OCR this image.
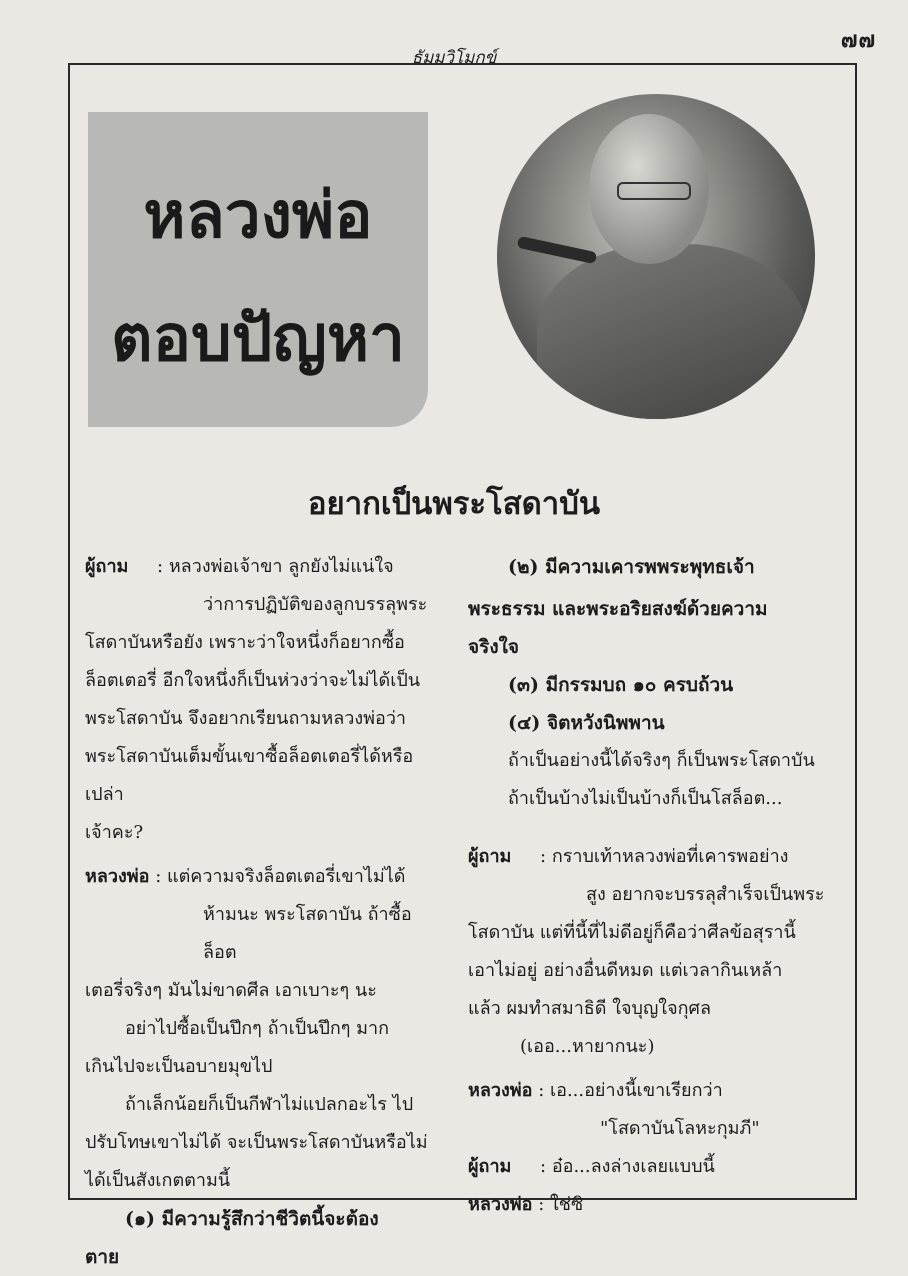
๗๗
ธัมมวิโมกข์

หลวงพ่อ
ตอบปัญหา
อยากเป็นพระโสดาบัน

ผู้ถาม : หลวงพ่อเจ้าขา ลูกยังไม่แน่ใจ

ว่าการปฏิบัติของลูกบรรลุพระ

โสดาบันหรือยัง เพราะว่าใจหนึ่งก็อยากซื้อ

ล็อตเตอรี่ อีกใจหนึ่งก็เป็นห่วงว่าจะไม่ได้เป็น

พระโสดาบัน จึงอยากเรียนถามหลวงพ่อว่า

พระโสดาบันเต็มขั้นเขาซื้อล็อตเตอรี่ได้หรือเปล่า

เจ้าคะ?

หลวงพ่อ : แต่ความจริงล็อตเตอรี่เขาไม่ได้

ห้ามนะ พระโสดาบัน ถ้าซื้อล็อต

เตอรี่จริงๆ มันไม่ขาดศีล เอาเบาะๆ นะ

อย่าไปซื้อเป็นปึกๆ ถ้าเป็นปึกๆ มาก

เกินไปจะเป็นอบายมุขไป

ถ้าเล็กน้อยก็เป็นกีฬาไม่แปลกอะไร ไป

ปรับโทษเขาไม่ได้ จะเป็นพระโสดาบันหรือไม่

ได้เป็นสังเกตตามนี้

(๑) มีความรู้สึกว่าชีวิตนี้จะต้อง

ตาย

(๒) มีความเคารพพระพุทธเจ้า

พระธรรม และพระอริยสงฆ์ด้วยความ

จริงใจ

(๓) มีกรรมบถ ๑๐ ครบถ้วน

(๔) จิตหวังนิพพาน

ถ้าเป็นอย่างนี้ได้จริงๆ ก็เป็นพระโสดาบัน

ถ้าเป็นบ้างไม่เป็นบ้างก็เป็นโสล็อต...

ผู้ถาม : กราบเท้าหลวงพ่อที่เคารพอย่าง

สูง อยากจะบรรลุสำเร็จเป็นพระ

โสดาบัน แต่ที่นี้ที่ไม่ดีอยู่ก็คือว่าศีลข้อสุรานี้

เอาไม่อยู่ อย่างอื่นดีหมด แต่เวลากินเหล้า

แล้ว ผมทำสมาธิดี ใจบุญใจกุศล

(เออ...หายากนะ)

หลวงพ่อ : เอ...อย่างนี้เขาเรียกว่า

"โสดาบันโลหะกุมภี"

ผู้ถาม : อ๋อ...ลงล่างเลยแบบนี้

หลวงพ่อ : ใช่ซิ
